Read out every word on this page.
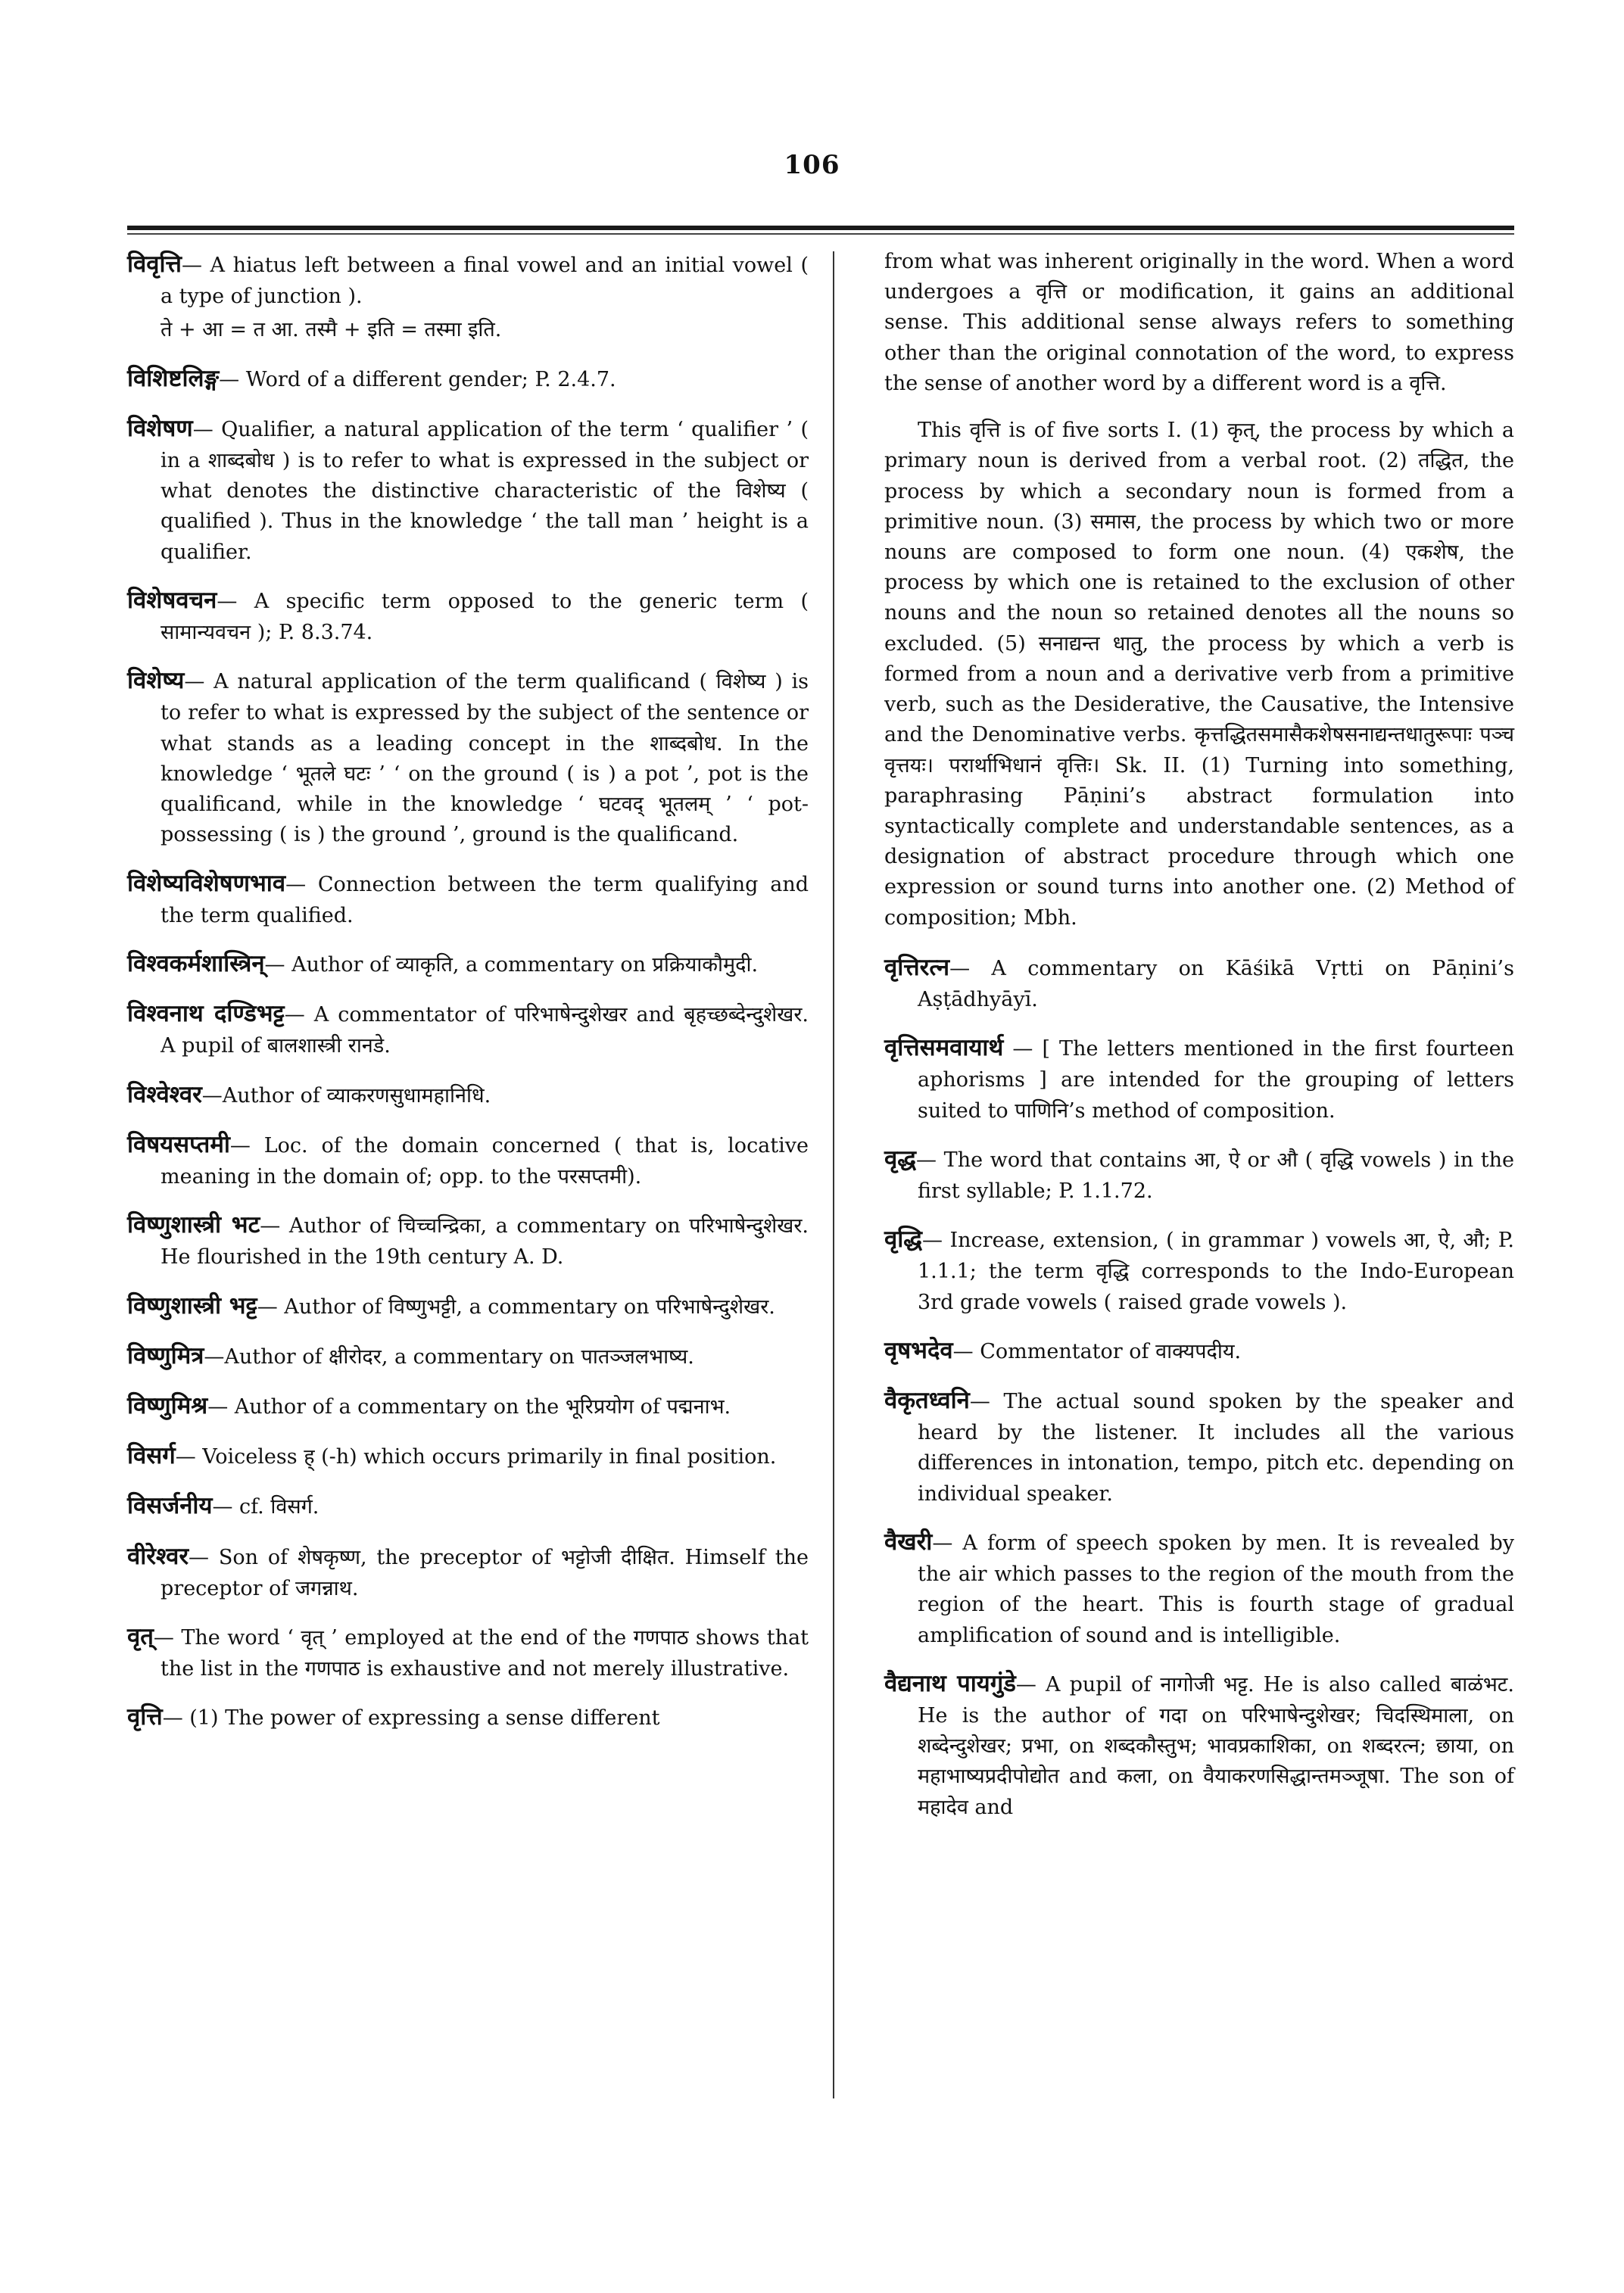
106
विवृत्ति— A hiatus left between a final vowel and an initial vowel ( a type of junction ).
ते + आ = त आ. तस्मै + इति = तस्मा इति.
विशिष्टलिङ्ग— Word of a different gender; P. 2.4.7.
विशेषण— Qualifier, a natural application of the term ‘ qualifier ’ ( in a शाब्दबोध ) is to refer to what is expressed in the subject or what denotes the distinctive characteristic of the विशेष्य ( qualified ). Thus in the knowledge ‘ the tall man ’ height is a qualifier.
विशेषवचन— A specific term opposed to the generic term ( सामान्यवचन ); P. 8.3.74.
विशेष्य— A natural application of the term qualificand ( विशेष्य ) is to refer to what is expressed by the subject of the sentence or what stands as a leading concept in the शाब्दबोध. In the knowledge ‘ भूतले घटः ’ ‘ on the ground ( is ) a pot ’, pot is the qualificand, while in the knowledge ‘ घटवद् भूतलम् ’ ‘ pot-possessing ( is ) the ground ’, ground is the qualificand.
विशेष्यविशेषणभाव— Connection between the term qualifying and the term qualified.
विश्वकर्मशास्त्रिन्— Author of व्याकृति, a commentary on प्रक्रियाकौमुदी.
विश्वनाथ दण्डिभट्ट— A commentator of परिभाषेन्दुशेखर and बृहच्छब्देन्दुशेखर. A pupil of बालशास्त्री रानडे.
विश्वेश्वर—Author of व्याकरणसुधामहानिधि.
विषयसप्तमी— Loc. of the domain concerned ( that is, locative meaning in the domain of; opp. to the परसप्तमी).
विष्णुशास्त्री भट— Author of चिच्चन्द्रिका, a commentary on परिभाषेन्दुशेखर. He flourished in the 19th century A. D.
विष्णुशास्त्री भट्ट— Author of विष्णुभट्टी, a commentary on परिभाषेन्दुशेखर.
विष्णुमित्र—Author of क्षीरोदर, a commentary on पातञ्जलभाष्य.
विष्णुमिश्र— Author of a commentary on the भूरिप्रयोग of पद्मनाभ.
विसर्ग— Voiceless ह् (-h) which occurs primarily in final position.
विसर्जनीय— cf. विसर्ग.
वीरेश्वर— Son of शेषकृष्ण, the preceptor of भट्टोजी दीक्षित. Himself the preceptor of जगन्नाथ.
वृत्— The word ‘ वृत् ’ employed at the end of the गणपाठ shows that the list in the गणपाठ is exhaustive and not merely illustrative.
वृत्ति— (1) The power of expressing a sense different
from what was inherent originally in the word. When a word undergoes a वृत्ति or modification, it gains an additional sense. This additional sense always refers to something other than the original connotation of the word, to express the sense of another word by a different word is a वृत्ति.
This वृत्ति is of five sorts I. (1) कृत्, the process by which a primary noun is derived from a verbal root. (2) तद्धित, the process by which a secondary noun is formed from a primitive noun. (3) समास, the process by which two or more nouns are composed to form one noun. (4) एकशेष, the process by which one is retained to the exclusion of other nouns and the noun so retained denotes all the nouns so excluded. (5) सनाद्यन्त धातु, the process by which a verb is formed from a noun and a derivative verb from a primitive verb, such as the Desiderative, the Causative, the Intensive and the Denominative verbs. कृत्तद्धितसमासैकशेषसनाद्यन्तधातुरूपाः पञ्च वृत्तयः। परार्थाभिधानं वृत्तिः। Sk. II. (1) Turning into something, paraphrasing Pāṇini’s abstract formulation into syntactically complete and understandable sentences, as a designation of abstract procedure through which one expression or sound turns into another one. (2) Method of composition; Mbh.
वृत्तिरत्न— A commentary on Kāśikā Vṛtti on Pāṇini’s Aṣṭādhyāyī.
वृत्तिसमवायार्थ — [ The letters mentioned in the first fourteen aphorisms ] are intended for the grouping of letters suited to पाणिनि’s method of composition.
वृद्ध— The word that contains आ, ऐ or औ ( वृद्धि vowels ) in the first syllable; P. 1.1.72.
वृद्धि— Increase, extension, ( in grammar ) vowels आ, ऐ, औ; P. 1.1.1; the term वृद्धि corresponds to the Indo-European 3rd grade vowels ( raised grade vowels ).
वृषभदेव— Commentator of वाक्यपदीय.
वैकृतध्वनि— The actual sound spoken by the speaker and heard by the listener. It includes all the various differences in intonation, tempo, pitch etc. depending on individual speaker.
वैखरी— A form of speech spoken by men. It is revealed by the air which passes to the region of the mouth from the region of the heart. This is fourth stage of gradual amplification of sound and is intelligible.
वैद्यनाथ पायगुंडे— A pupil of नागोजी भट्ट. He is also called बाळंभट. He is the author of गदा on परिभाषेन्दुशेखर; चिदस्थिमाला, on शब्देन्दुशेखर; प्रभा, on शब्दकौस्तुभ; भावप्रकाशिका, on शब्दरत्न; छाया, on महाभाष्यप्रदीपोद्योत and कला, on वैयाकरणसिद्धान्तमञ्जूषा. The son of महादेव and
